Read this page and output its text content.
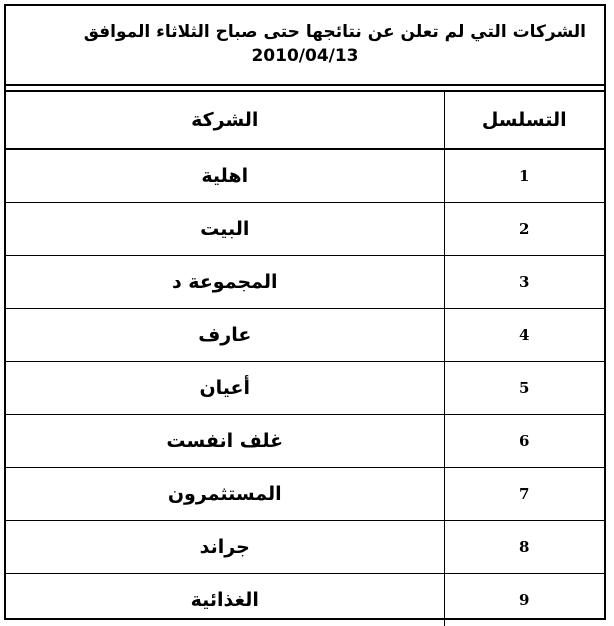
الشركات التي لم تعلن عن نتائجها حتى صباح الثلاثاء الموافق
2010/04/13
الشركة	التسلسل
اهلية	1
البيت	2
المجموعة د	3
عارف	4
أعيان	5
غلف انفست	6
المستثمرون	7
جراند	8
الغذائية	9
